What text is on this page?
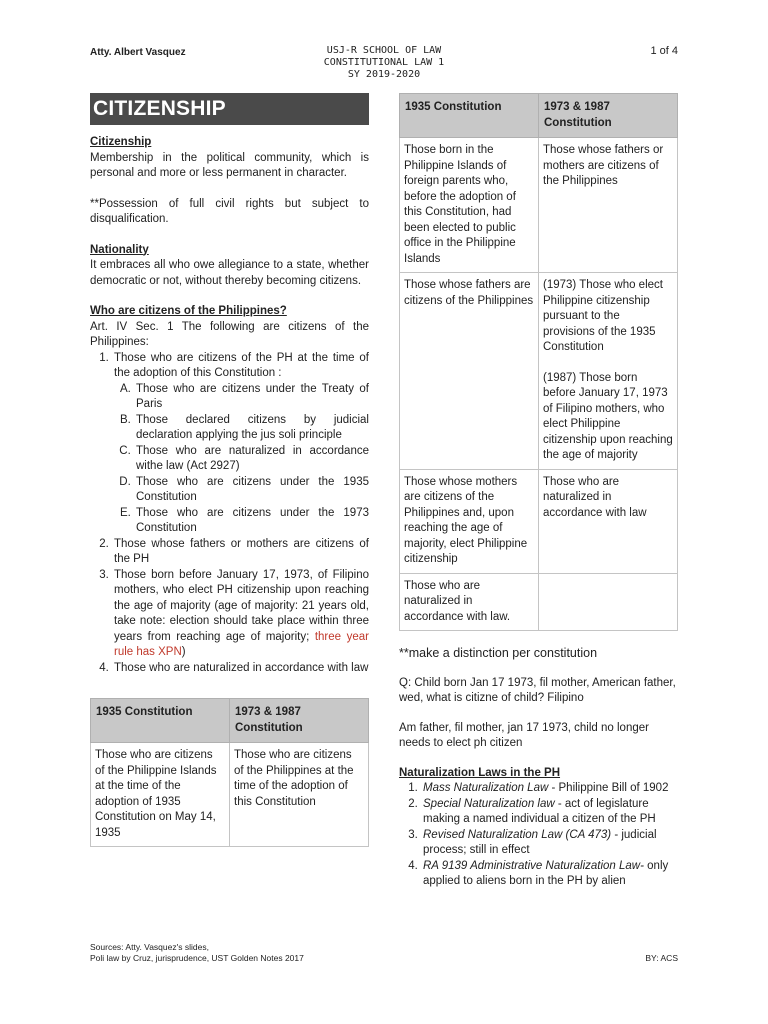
Atty. Albert Vasquez	USJ-R SCHOOL OF LAW
CONSTITUTIONAL LAW 1
SY 2019-2020
1 of 4
CITIZENSHIP
Citizenship

Membership in the political community, which is personal and more or less permanent in character.

**Possession of full civil rights but subject to disqualification.

Nationality

It embraces all who owe allegiance to a state, whether democratic or not, without thereby becoming citizens.

Who are citizens of the Philippines?

Art. IV Sec. 1 The following are citizens of the Philippines:

1. Those who are citizens of the PH at the time of the adoption of this Constitution :
A. Those who are citizens under the Treaty of Paris
B. Those declared citizens by judicial declaration applying the jus soli principle
C. Those who are naturalized in accordance withe law (Act 2927)
D. Those who are citizens under the 1935 Constitution
E. Those who are citizens under the 1973 Constitution
2. Those whose fathers or mothers are citizens of the PH
3. Those born before January 17, 1973, of Filipino mothers, who elect PH citizenship upon reaching the age of majority (age of majority: 21 years old, take note: election should take place within three years from reaching age of majority; three year rule has XPN)
4. Those who are naturalized in accordance with law
1935 Constitution	1973 & 1987 Constitution
Those who are citizens of the Philippine Islands at the time of the adoption of 1935 Constitution on May 14, 1935	Those who are citizens of the Philippines at the time of the adoption of this Constitution
1935 Constitution	1973 & 1987 Constitution
Those born in the Philippine Islands of foreign parents who, before the adoption of this Constitution, had been elected to public office in the Philippine Islands	Those whose fathers or mothers are citizens of the Philippines
Those whose fathers are citizens of the Philippines	(1973) Those who elect Philippine citizenship pursuant to the provisions of the 1935 Constitution
(1987) Those born before January 17, 1973 of Filipino mothers, who elect Philippine citizenship upon reaching the age of majority

Those whose mothers are citizens of the Philippines and, upon reaching the age of majority, elect Philippine citizenship	Those who are naturalized in accordance with law
Those who are naturalized in accordance with law.	
**make a distinction per constitution
Q: Child born Jan 17 1973, fil mother, American father, wed, what is citizne of child? Filipino
Am father, fil mother, jan 17 1973, child no longer needs to elect ph citizen
Naturalization Laws in the PH
1. Mass Naturalization Law - Philippine Bill of 1902
2. Special Naturalization law - act of legislature making a named individual a citizen of the PH
3. Revised Naturalization Law (CA 473) - judicial process; still in effect
4. RA 9139 Administrative Naturalization Law- only applied to aliens born in the PH by alien
Sources: Atty. Vasquez's slides,
Poli law by Cruz, jurisprudence, UST Golden Notes 2017	BY: ACS
